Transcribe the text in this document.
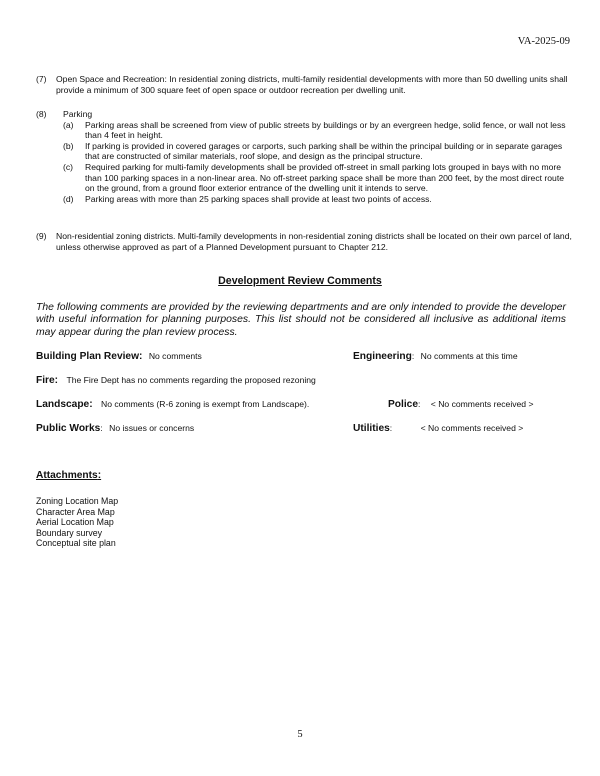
VA-2025-09
(7) Open Space and Recreation: In residential zoning districts, multi-family residential developments with more than 50 dwelling units shall provide a minimum of 300 square feet of open space or outdoor recreation per dwelling unit.
(8) Parking
(a) Parking areas shall be screened from view of public streets by buildings or by an evergreen hedge, solid fence, or wall not less than 4 feet in height.
(b) If parking is provided in covered garages or carports, such parking shall be within the principal building or in separate garages that are constructed of similar materials, roof slope, and design as the principal structure.
(c) Required parking for multi-family developments shall be provided off-street in small parking lots grouped in bays with no more than 100 parking spaces in a non-linear area. No off-street parking space shall be more than 200 feet, by the most direct route on the ground, from a ground floor exterior entrance of the dwelling unit it intends to serve.
(d) Parking areas with more than 25 parking spaces shall provide at least two points of access.
(9) Non-residential zoning districts. Multi-family developments in non-residential zoning districts shall be located on their own parcel of land, unless otherwise approved as part of a Planned Development pursuant to Chapter 212.
Development Review Comments
The following comments are provided by the reviewing departments and are only intended to provide the developer with useful information for planning purposes. This list should not be considered all inclusive as additional items may appear during the plan review process.
Building Plan Review: No comments	Engineering: No comments at this time
Fire: The Fire Dept has no comments regarding the proposed rezoning
Landscape: No comments (R-6 zoning is exempt from Landscape).	Police: < No comments received >
Public Works: No issues or concerns	Utilities:	< No comments received >
Attachments:
Zoning Location Map
Character Area Map
Aerial Location Map
Boundary survey
Conceptual site plan
5
